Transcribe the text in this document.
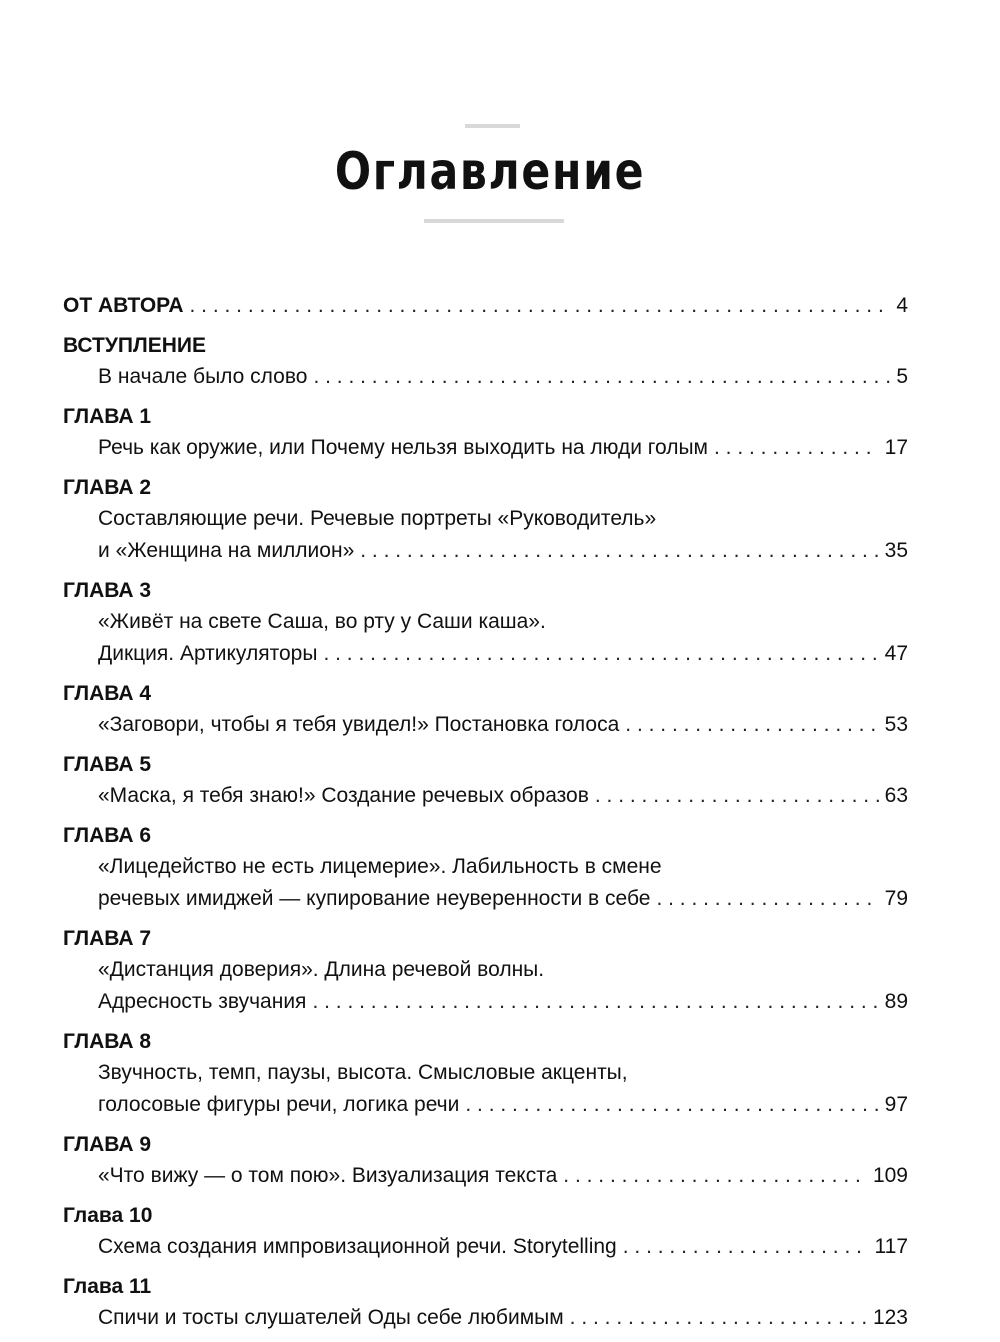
Оглавление
ОТ АВТОРА . . .	4
ВСТУПЛЕНИЕ
В начале было слово . . .	5
ГЛАВА 1
Речь как оружие, или Почему нельзя выходить на люди голым . . .	17
ГЛАВА 2
Составляющие речи. Речевые портреты «Руководитель»
и «Женщина на миллион» . . .	35
ГЛАВА 3
«Живёт на свете Саша, во рту у Саши каша».
Дикция. Артикуляторы . . .	47
ГЛАВА 4
«Заговори, чтобы я тебя увидел!» Постановка голоса . . .	53
ГЛАВА 5
«Маска, я тебя знаю!» Создание речевых образов . . .	63
ГЛАВА 6
«Лицедейство не есть лицемерие». Лабильность в смене
речевых имиджей — купирование неуверенности в себе . . .	79
ГЛАВА 7
«Дистанция доверия». Длина речевой волны.
Адресность звучания . . .	89
ГЛАВА 8
Звучность, темп, паузы, высота. Смысловые акценты,
голосовые фигуры речи, логика речи . . .	97
ГЛАВА 9
«Что вижу — о том пою». Визуализация текста . . .	109
Глава 10
Схема создания импровизационной речи. Storytelling . . .	117
Глава 11
Спичи и тосты слушателей Оды себе любимым . . .	123
